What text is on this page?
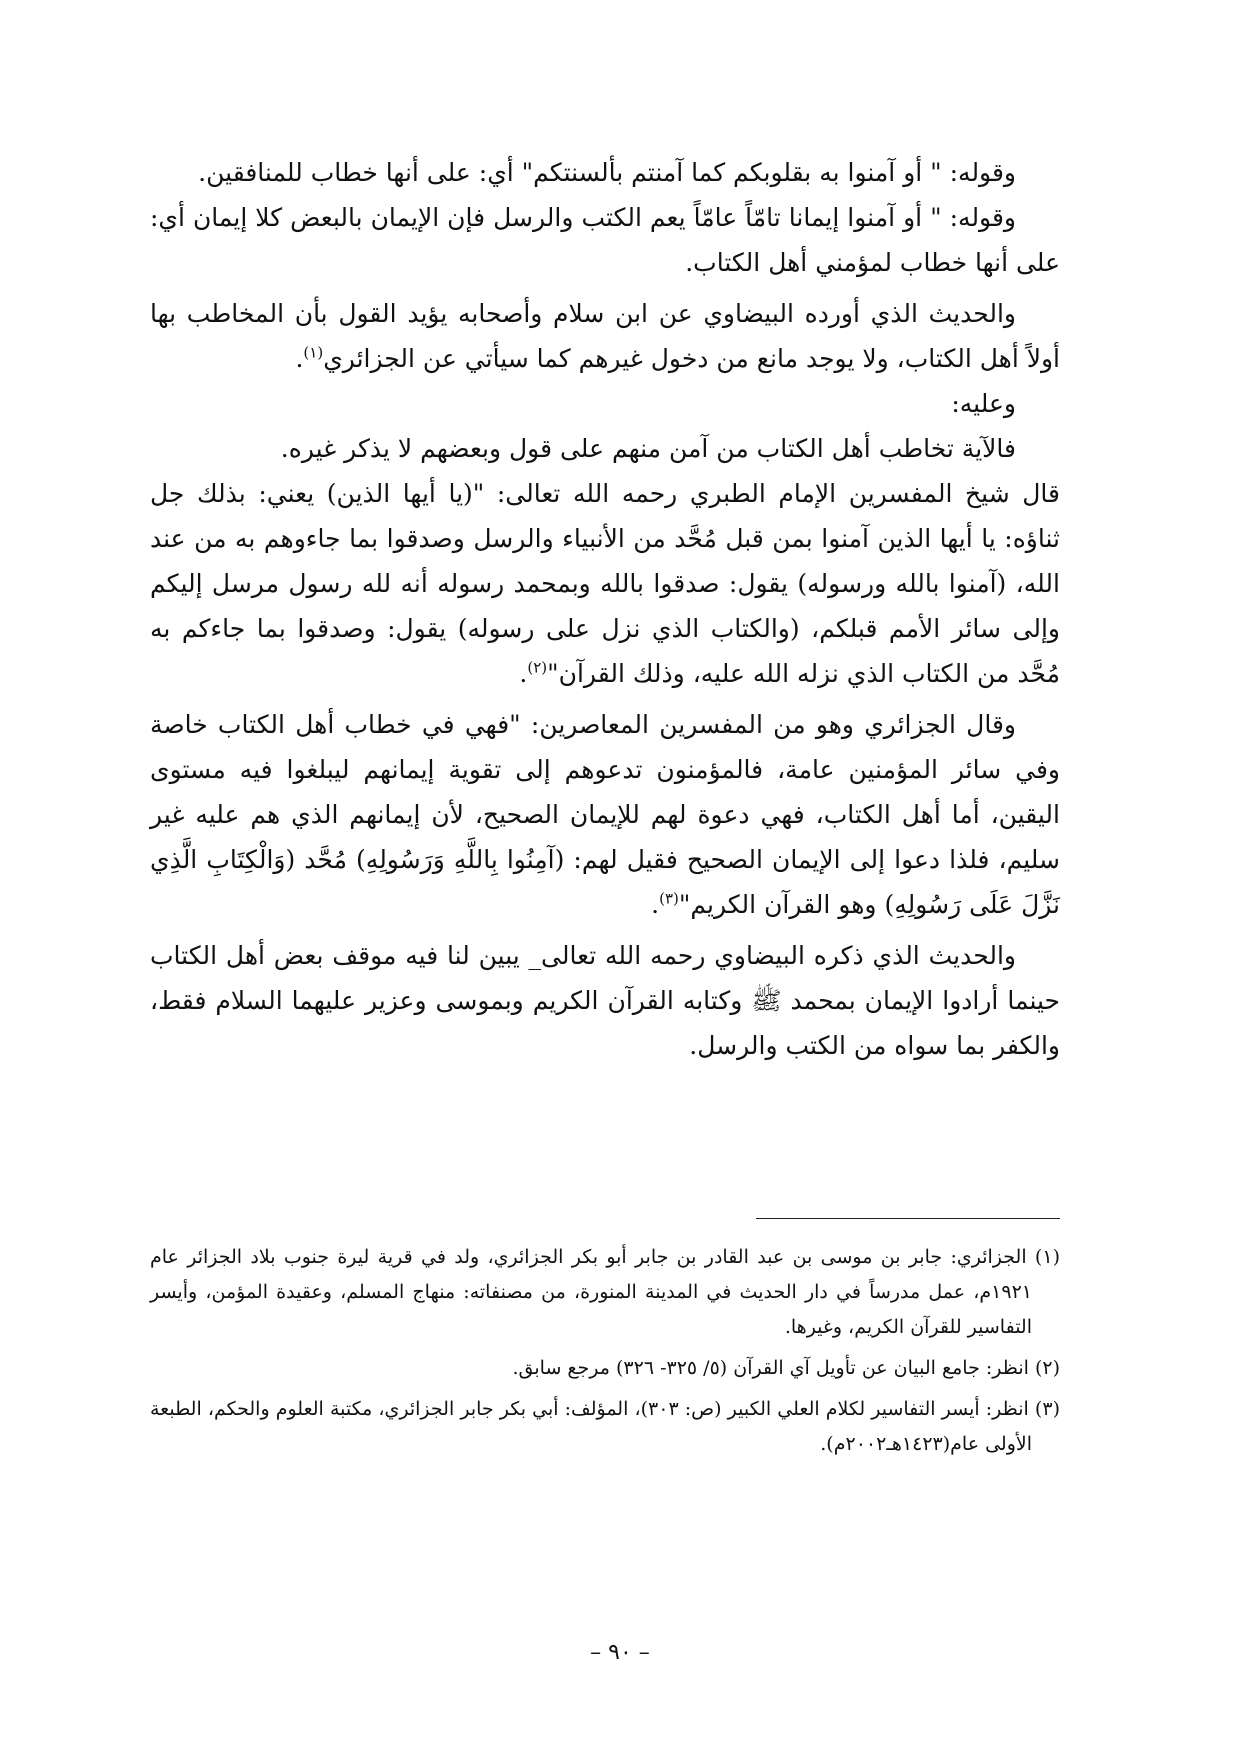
وقوله: " أو آمنوا به بقلوبكم كما آمنتم بألسنتكم" أي: على أنها خطاب للمنافقين.

وقوله: " أو آمنوا إيمانا تامّاً عامّاً يعم الكتب والرسل فإن الإيمان بالبعض كلا إيمان أي: على أنها خطاب لمؤمني أهل الكتاب.

والحديث الذي أورده البيضاوي عن ابن سلام وأصحابه يؤيد القول بأن المخاطب بها أولاً أهل الكتاب، ولا يوجد مانع من دخول غيرهم كما سيأتي عن الجزائري$^{(١)}$.

وعليه:

فالآية تخاطب أهل الكتاب من آمن منهم على قول وبعضهم لا يذكر غيره.

قال شيخ المفسرين الإمام الطبري رحمه الله تعالى: "(يا أيها الذين) يعني: بذلك جل ثناؤه: يا أيها الذين آمنوا بمن قبل مُحَّد من الأنبياء والرسل وصدقوا بما جاءوهم به من عند الله، (آمنوا بالله ورسوله) يقول: صدقوا بالله وبمحمد رسوله أنه لله رسول مرسل إليكم وإلى سائر الأمم قبلكم، (والكتاب الذي نزل على رسوله) يقول: وصدقوا بما جاءكم به مُحَّد من الكتاب الذي نزله الله عليه، وذلك القرآن"$^{(٢)}$.

وقال الجزائري وهو من المفسرين المعاصرين: "فهي في خطاب أهل الكتاب خاصة وفي سائر المؤمنين عامة، فالمؤمنون تدعوهم إلى تقوية إيمانهم ليبلغوا فيه مستوى اليقين، أما أهل الكتاب، فهي دعوة لهم للإيمان الصحيح، لأن إيمانهم الذي هم عليه غير سليم، فلذا دعوا إلى الإيمان الصحيح فقيل لهم: (آمِنُوا بِاللَّهِ وَرَسُولِهِ) مُحَّد (وَالْكِتَابِ الَّذِي نَزَّلَ عَلَى رَسُولِهِ) وهو القرآن الكريم"$^{(٣)}$.

والحديث الذي ذكره البيضاوي رحمه الله تعالى_ يبين لنا فيه موقف بعض أهل الكتاب حينما أرادوا الإيمان بمحمد ﷺ وكتابه القرآن الكريم وبموسى وعزير عليهما السلام فقط، والكفر بما سواه من الكتب والرسل.

(١) الجزائري: جابر بن موسى بن عبد القادر بن جابر أبو بكر الجزائري، ولد في قرية ليرة جنوب بلاد الجزائر عام ١٩٢١م، عمل مدرساً في دار الحديث في المدينة المنورة، من مصنفاته: منهاج المسلم، وعقيدة المؤمن، وأيسر التفاسير للقرآن الكريم، وغيرها.

(٢) انظر: جامع البيان عن تأويل آي القرآن (٥/ ٣٢٥- ٣٢٦) مرجع سابق.

(٣) انظر: أيسر التفاسير لكلام العلي الكبير (ص: ٣٠٣)، المؤلف: أبي بكر جابر الجزائري، مكتبة العلوم والحكم، الطبعة الأولى عام(١٤٢٣هـ٢٠٠٢م).

– ٩٠ –
